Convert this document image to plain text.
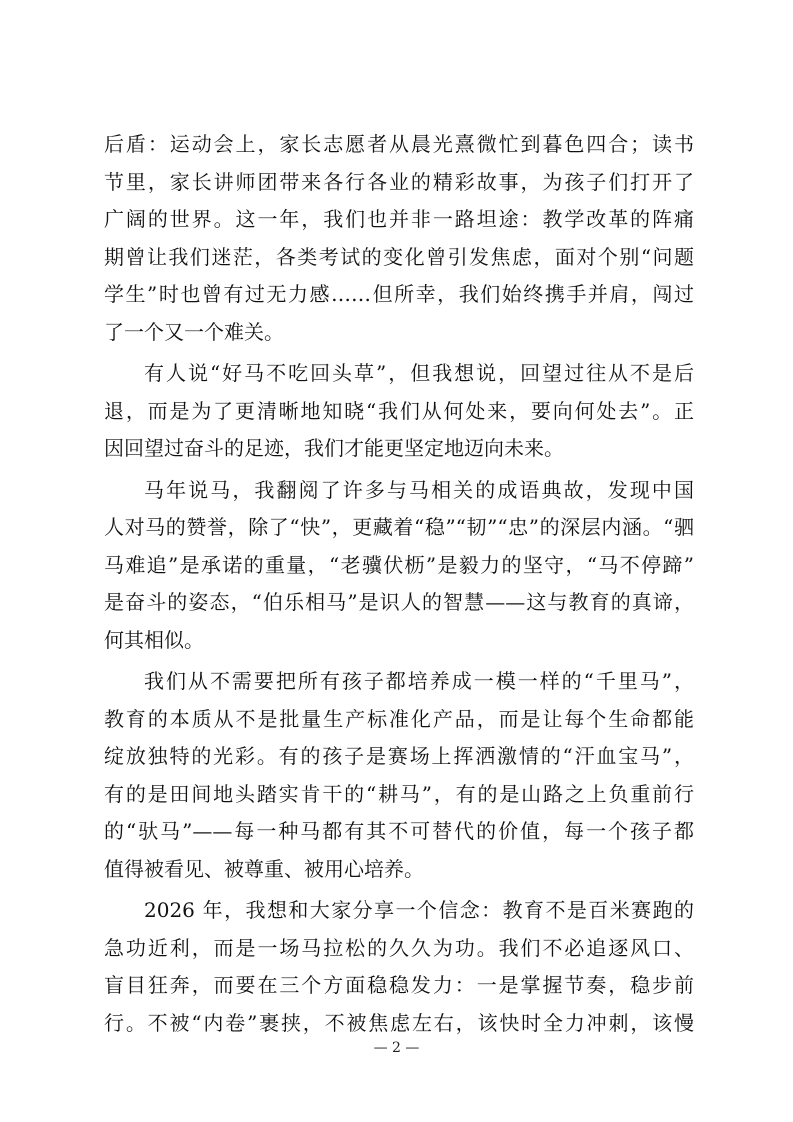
后盾：运动会上，家长志愿者从晨光熹微忙到暮色四合；读书
节里，家长讲师团带来各行各业的精彩故事，为孩子们打开了
广阔的世界。这一年，我们也并非一路坦途：教学改革的阵痛
期曾让我们迷茫，各类考试的变化曾引发焦虑，面对个别“问题
学生”时也曾有过无力感……但所幸，我们始终携手并肩，闯过
了一个又一个难关。
有人说“好马不吃回头草”，但我想说，回望过往从不是后
退，而是为了更清晰地知晓“我们从何处来，要向何处去”。正
因回望过奋斗的足迹，我们才能更坚定地迈向未来。
马年说马，我翻阅了许多与马相关的成语典故，发现中国
人对马的赞誉，除了“快”，更藏着“稳”“韧”“忠”的深层内涵。“驷
马难追”是承诺的重量，“老骥伏枥”是毅力的坚守，“马不停蹄”
是奋斗的姿态，“伯乐相马”是识人的智慧——这与教育的真谛，
何其相似。
我们从不需要把所有孩子都培养成一模一样的“千里马”，
教育的本质从不是批量生产标准化产品，而是让每个生命都能
绽放独特的光彩。有的孩子是赛场上挥洒激情的“汗血宝马”，
有的是田间地头踏实肯干的“耕马”，有的是山路之上负重前行
的“驮马”——每一种马都有其不可替代的价值，每一个孩子都
值得被看见、被尊重、被用心培养。
2026 年，我想和大家分享一个信念：教育不是百米赛跑的
急功近利，而是一场马拉松的久久为功。我们不必追逐风口、
盲目狂奔，而要在三个方面稳稳发力：一是掌握节奏，稳步前
行。不被“内卷”裹挟，不被焦虑左右，该快时全力冲刺，该慢
— 2 —
